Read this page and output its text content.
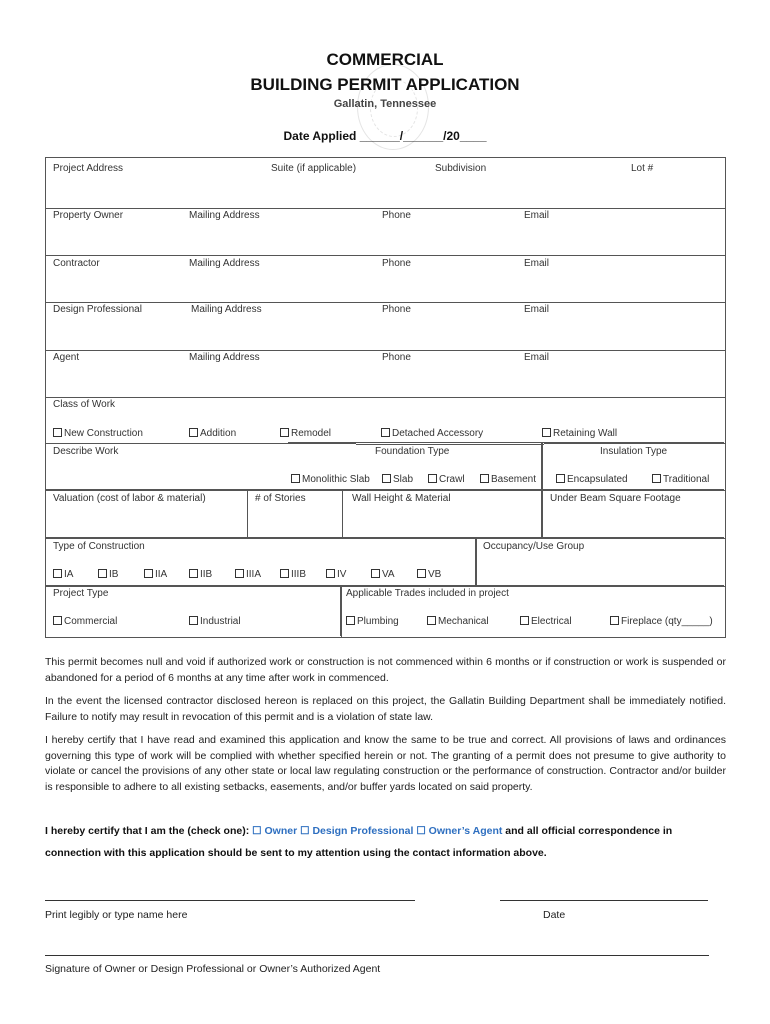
COMMERCIAL
BUILDING PERMIT APPLICATION
Gallatin, Tennessee
Date Applied ______/______/20____
Project Address	Suite (if applicable)	Subdivision	Lot #
Property Owner	Mailing Address	Phone	Email
Contractor	Mailing Address	Phone	Email
Design Professional	Mailing Address	Phone	Email
Agent	Mailing Address	Phone	Email
Class of Work
New Construction	Addition	Remodel	Detached Accessory	Retaining Wall
Describe Work	Foundation Type	Insulation Type
Monolithic Slab	Slab	Crawl	Basement	Encapsulated	Traditional
Valuation (cost of labor & material)	# of Stories	Wall Height & Material	Under Beam Square Footage
Type of Construction	Occupancy/Use Group
IA	IB	IIA	IIB	IIIA	IIIB	IV	VA	VB
Project Type	Applicable Trades included in project
Commercial	Industrial	Plumbing	Mechanical	Electrical	Fireplace (qty_____)
This permit becomes null and void if authorized work or construction is not commenced within 6 months or if construction or work is suspended or abandoned for a period of 6 months at any time after work in commenced.
In the event the licensed contractor disclosed hereon is replaced on this project, the Gallatin Building Department shall be immediately notified. Failure to notify may result in revocation of this permit and is a violation of state law.
I hereby certify that I have read and examined this application and know the same to be true and correct. All provisions of laws and ordinances governing this type of work will be complied with whether specified herein or not. The granting of a permit does not presume to give authority to violate or cancel the provisions of any other state or local law regulating construction or the performance of construction. Contractor and/or builder is responsible to adhere to all existing setbacks, easements, and/or buffer yards located on said property.
I hereby certify that I am the (check one): ☐ Owner ☐ Design Professional ☐ Owner’s Agent and all official correspondence in
connection with this application should be sent to my attention using the contact information above.
Print legibly or type name here	Date
Signature of Owner or Design Professional or Owner’s Authorized Agent
